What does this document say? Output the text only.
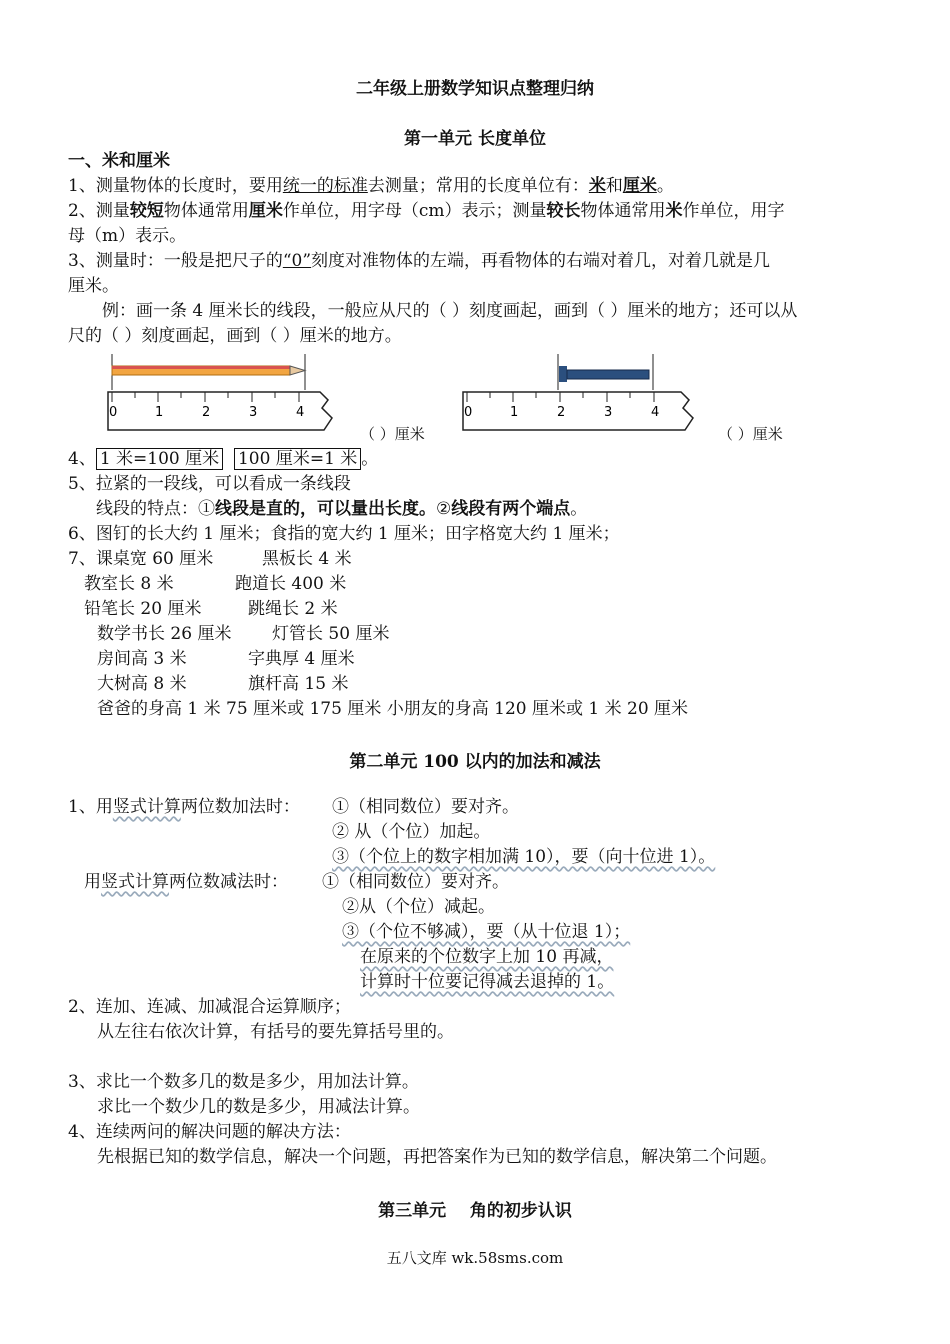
二年级上册数学知识点整理归纳
第一单元 长度单位
一、米和厘米
1、测量物体的长度时，要用统一的标准去测量；常用的长度单位有：米和厘米。
2、测量较短物体通常用厘米作单位，用字母（cm）表示；测量较长物体通常用米作单位，用字
母（m）表示。
3、测量时：一般是把尺子的“0”刻度对准物体的左端，再看物体的右端对着几，对着几就是几
厘米。
例：画一条 4 厘米长的线段，一般应从尺的（ ）刻度画起，画到（ ）厘米的地方；还可以从
尺的（ ）刻度画起，画到（ ）厘米的地方。
0	1	2	3	4
（ ）厘米
0	1	2	3	4
（ ）厘米
4、 1 米=100 厘米 100 厘米=1 米 。
5、拉紧的一段线，可以看成一条线段
线段的特点：①线段是直的，可以量出长度。②线段有两个端点。
6、图钉的长大约 1 厘米；食指的宽大约 1 厘米；田字格宽大约 1 厘米；
7、课桌宽 60 厘米	黑板长 4 米
教室长 8 米	跑道长 400 米
铅笔长 20 厘米	跳绳长 2 米
数学书长 26 厘米 灯管长 50 厘米
房间高 3 米	字典厚 4 厘米
大树高 8 米	旗杆高 15 米
爸爸的身高 1 米 75 厘米或 175 厘米 小朋友的身高 120 厘米或 1 米 20 厘米
第二单元 100 以内的加法和减法
1、用竖式计算两位数加法时： ①（相同数位）要对齐。
② 从（个位）加起。
③（个位上的数字相加满 10），要（向十位进 1）。
用竖式计算两位数减法时： ①（相同数位）要对齐。
②从（个位）减起。
③（个位不够减），要（从十位退 1）；
在原来的个位数字上加 10 再减，
计算时十位要记得减去退掉的 1。
2、连加、连减、加减混合运算顺序；
从左往右依次计算，有括号的要先算括号里的。
3、求比一个数多几的数是多少，用加法计算。
求比一个数少几的数是多少，用减法计算。
4、连续两问的解决问题的解决方法：
先根据已知的数学信息，解决一个问题，再把答案作为已知的数学信息，解决第二个问题。
第三单元    角的初步认识
五八文库 wk.58sms.com
